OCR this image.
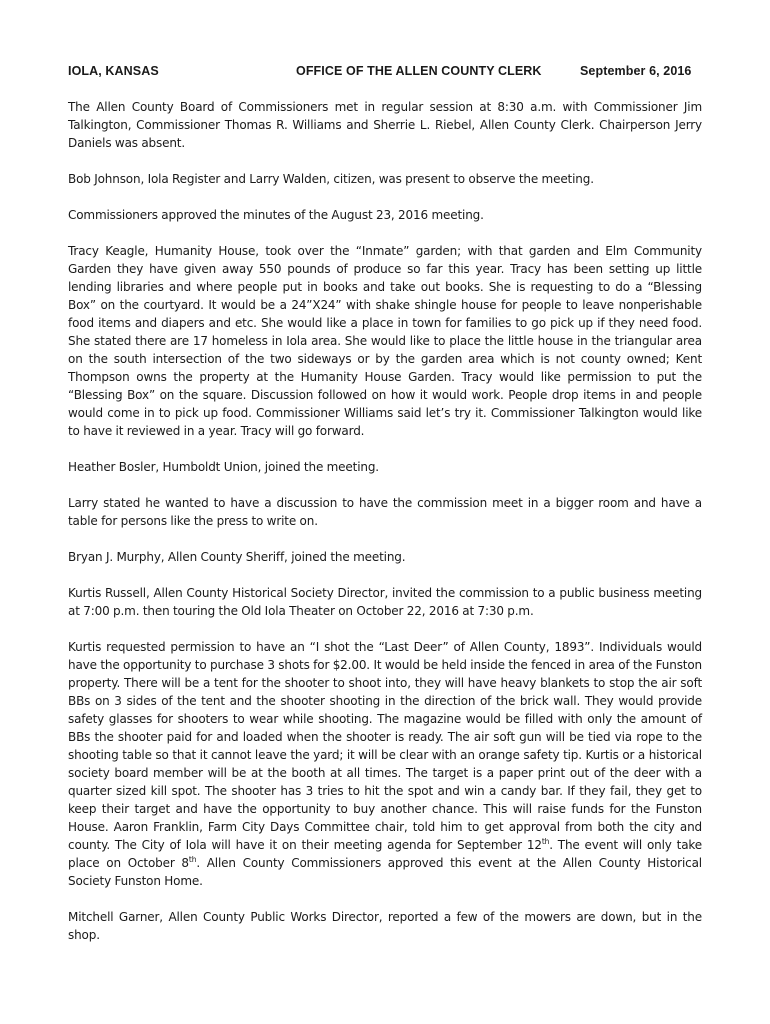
IOLA, KANSAS	OFFICE OF THE ALLEN COUNTY CLERK	September 6, 2016

The Allen County Board of Commissioners met in regular session at 8:30 a.m. with Commissioner Jim Talkington, Commissioner Thomas R. Williams and Sherrie L. Riebel, Allen County Clerk. Chairperson Jerry Daniels was absent.

Bob Johnson, Iola Register and Larry Walden, citizen, was present to observe the meeting.

Commissioners approved the minutes of the August 23, 2016 meeting.

Tracy Keagle, Humanity House, took over the “Inmate” garden; with that garden and Elm Community Garden they have given away 550 pounds of produce so far this year. Tracy has been setting up little lending libraries and where people put in books and take out books. She is requesting to do a “Blessing Box” on the courtyard. It would be a 24”X24” with shake shingle house for people to leave nonperishable food items and diapers and etc. She would like a place in town for families to go pick up if they need food. She stated there are 17 homeless in Iola area. She would like to place the little house in the triangular area on the south intersection of the two sideways or by the garden area which is not county owned; Kent Thompson owns the property at the Humanity House Garden. Tracy would like permission to put the “Blessing Box” on the square. Discussion followed on how it would work. People drop items in and people would come in to pick up food. Commissioner Williams said let’s try it. Commissioner Talkington would like to have it reviewed in a year. Tracy will go forward.

Heather Bosler, Humboldt Union, joined the meeting.

Larry stated he wanted to have a discussion to have the commission meet in a bigger room and have a table for persons like the press to write on.

Bryan J. Murphy, Allen County Sheriff, joined the meeting.

Kurtis Russell, Allen County Historical Society Director, invited the commission to a public business meeting at 7:00 p.m. then touring the Old Iola Theater on October 22, 2016 at 7:30 p.m.

Kurtis requested permission to have an “I shot the “Last Deer” of Allen County, 1893”. Individuals would have the opportunity to purchase 3 shots for $2.00. It would be held inside the fenced in area of the Funston property. There will be a tent for the shooter to shoot into, they will have heavy blankets to stop the air soft BBs on 3 sides of the tent and the shooter shooting in the direction of the brick wall. They would provide safety glasses for shooters to wear while shooting. The magazine would be filled with only the amount of BBs the shooter paid for and loaded when the shooter is ready. The air soft gun will be tied via rope to the shooting table so that it cannot leave the yard; it will be clear with an orange safety tip. Kurtis or a historical society board member will be at the booth at all times. The target is a paper print out of the deer with a quarter sized kill spot. The shooter has 3 tries to hit the spot and win a candy bar. If they fail, they get to keep their target and have the opportunity to buy another chance. This will raise funds for the Funston House. Aaron Franklin, Farm City Days Committee chair, told him to get approval from both the city and county. The City of Iola will have it on their meeting agenda for September 12th. The event will only take place on October 8th. Allen County Commissioners approved this event at the Allen County Historical Society Funston Home.

Mitchell Garner, Allen County Public Works Director, reported a few of the mowers are down, but in the shop.
